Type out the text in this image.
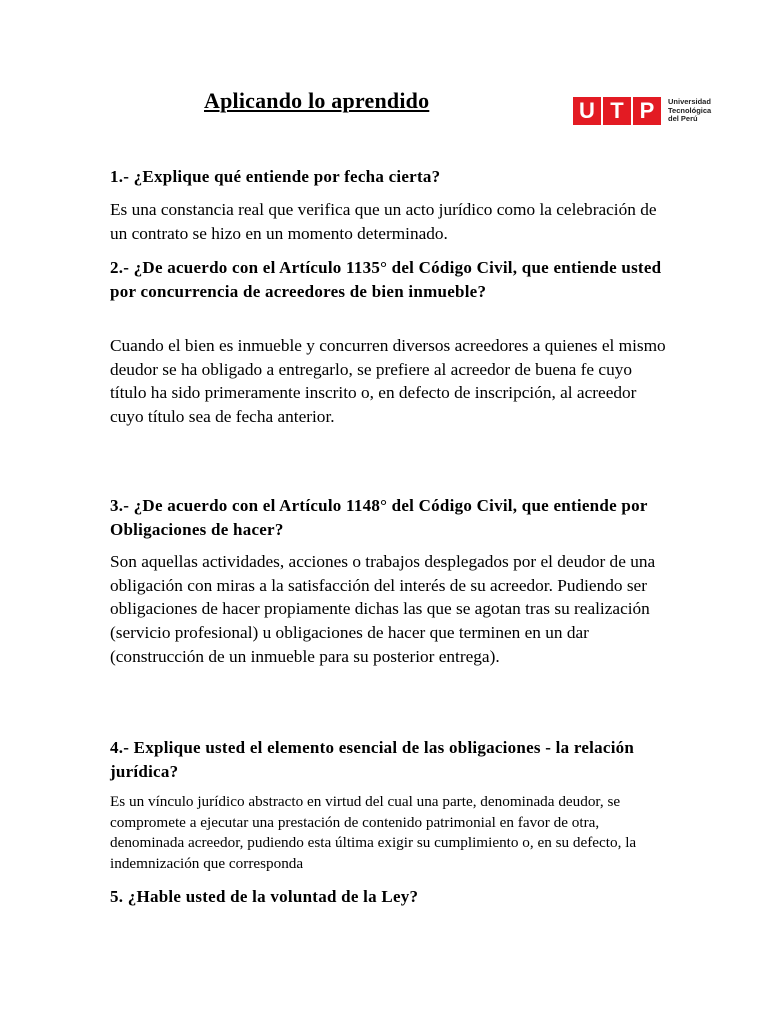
Aplicando lo aprendido	U T P	Universidad
Tecnológica
del Perú
1.- ¿Explique qué entiende por fecha cierta?
Es una constancia real que verifica que un acto jurídico como la celebración de un contrato se hizo en un momento determinado.
2.- ¿De acuerdo con el Artículo 1135° del Código Civil, que entiende usted por concurrencia de acreedores de bien inmueble?
Cuando el bien es inmueble y concurren diversos acreedores a quienes el mismo deudor se ha obligado a entregarlo, se prefiere al acreedor de buena fe cuyo título ha sido primeramente inscrito o, en defecto de inscripción, al acreedor cuyo título sea de fecha anterior.
3.- ¿De acuerdo con el Artículo 1148° del Código Civil, que entiende por Obligaciones de hacer?
Son aquellas actividades, acciones o trabajos desplegados por el deudor de una obligación con miras a la satisfacción del interés de su acreedor. Pudiendo ser obligaciones de hacer propiamente dichas las que se agotan tras su realización (servicio profesional) u obligaciones de hacer que terminen en un dar (construcción de un inmueble para su posterior entrega).
4.- Explique usted el elemento esencial de las obligaciones - la relación jurídica?
Es un vínculo jurídico abstracto en virtud del cual una parte, denominada deudor, se compromete a ejecutar una prestación de contenido patrimonial en favor de otra, denominada acreedor, pudiendo esta última exigir su cumplimiento o, en su defecto, la indemnización que corresponda
5. ¿Hable usted de la voluntad de la Ley?
